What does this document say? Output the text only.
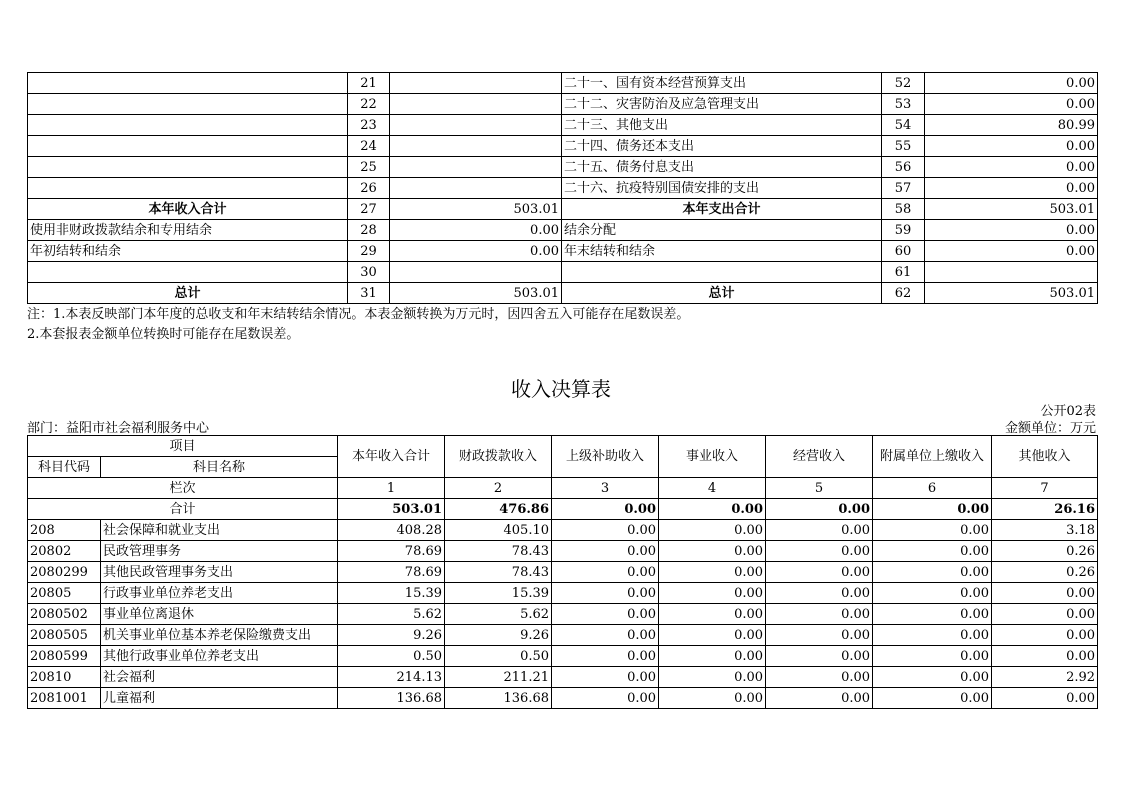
	21		二十一、国有资本经营预算支出	52	0.00
	22		二十二、灾害防治及应急管理支出	53	0.00
	23		二十三、其他支出	54	80.99
	24		二十四、债务还本支出	55	0.00
	25		二十五、债务付息支出	56	0.00
	26		二十六、抗疫特别国债安排的支出	57	0.00
本年收入合计	27	503.01	本年支出合计	58	503.01
使用非财政拨款结余和专用结余	28	0.00	结余分配	59	0.00
年初结转和结余	29	0.00	年末结转和结余	60	0.00
	30			61	
总计	31	503.01	总计	62	503.01
注：1.本表反映部门本年度的总收支和年末结转结余情况。本表金额转换为万元时，因四舍五入可能存在尾数误差。
2.本套报表金额单位转换时可能存在尾数误差。
收入决算表
公开02表
部门：益阳市社会福利服务中心	金额单位：万元
项目		本年收入合计	财政拨款收入	上级补助收入	事业收入	经营收入	附属单位上缴收入	其他收入
科目代码	科目名称							
栏次		1	2	3	4	5	6	7
合计		503.01	476.86	0.00	0.00	0.00	0.00	26.16
208	社会保障和就业支出	408.28	405.10	0.00	0.00	0.00	0.00	3.18
20802	民政管理事务	78.69	78.43	0.00	0.00	0.00	0.00	0.26
2080299	其他民政管理事务支出	78.69	78.43	0.00	0.00	0.00	0.00	0.26
20805	行政事业单位养老支出	15.39	15.39	0.00	0.00	0.00	0.00	0.00
2080502	事业单位离退休	5.62	5.62	0.00	0.00	0.00	0.00	0.00
2080505	机关事业单位基本养老保险缴费支出	9.26	9.26	0.00	0.00	0.00	0.00	0.00
2080599	其他行政事业单位养老支出	0.50	0.50	0.00	0.00	0.00	0.00	0.00
20810	社会福利	214.13	211.21	0.00	0.00	0.00	0.00	2.92
2081001	儿童福利	136.68	136.68	0.00	0.00	0.00	0.00	0.00
